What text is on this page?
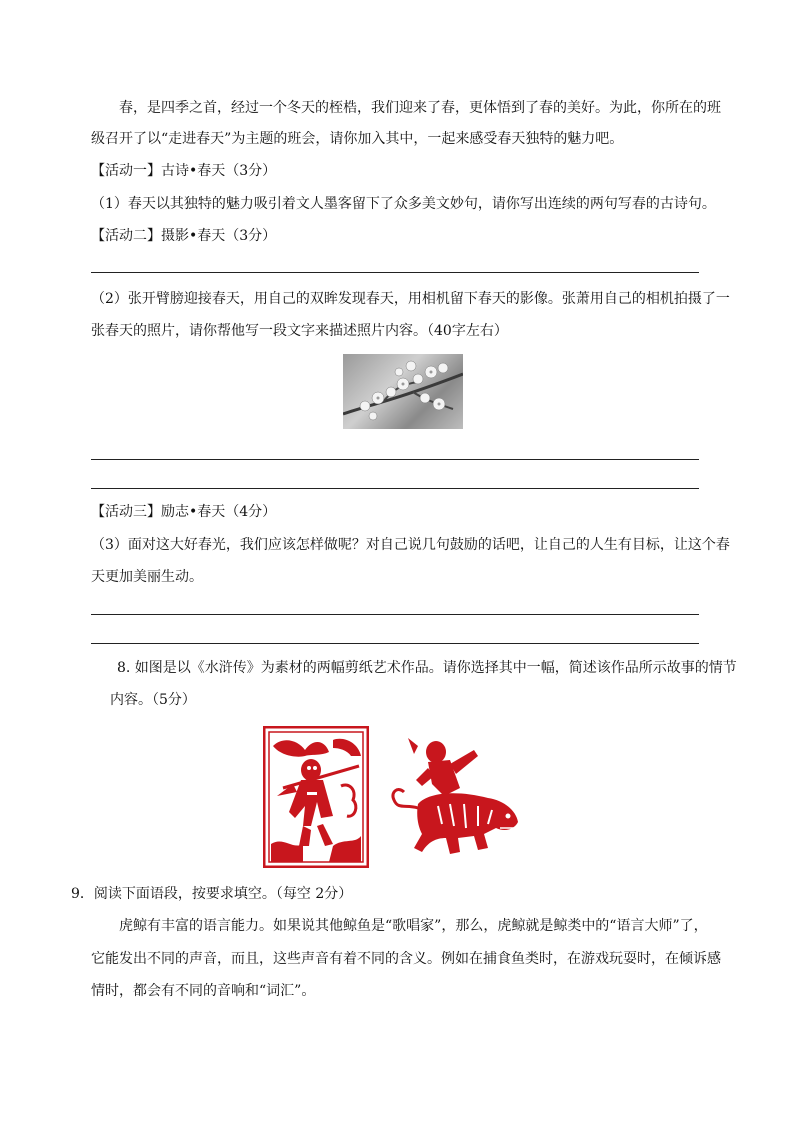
春，是四季之首，经过一个冬天的桎梏，我们迎来了春，更体悟到了春的美好。为此，你所在的班
级召开了以“走进春天”为主题的班会，请你加入其中，一起来感受春天独特的魅力吧。
【活动一】古诗•春天（3分）
（1）春天以其独特的魅力吸引着文人墨客留下了众多美文妙句，请你写出连续的两句写春的古诗句。
【活动二】摄影•春天（3分）
（2）张开臂膀迎接春天，用自己的双眸发现春天，用相机留下春天的影像。张萧用自己的相机拍摄了一
张春天的照片，请你帮他写一段文字来描述照片内容。（40字左右）
【活动三】励志•春天（4分）
（3）面对这大好春光，我们应该怎样做呢？对自己说几句鼓励的话吧，让自己的人生有目标，让这个春
天更加美丽生动。
8. 如图是以《水浒传》为素材的两幅剪纸艺术作品。请你选择其中一幅，简述该作品所示故事的情节
内容。（5分）
9．阅读下面语段，按要求填空。（每空 2分）
虎鲸有丰富的语言能力。如果说其他鲸鱼是“歌唱家”，那么，虎鲸就是鲸类中的“语言大师”了，
它能发出不同的声音，而且，这些声音有着不同的含义。例如在捕食鱼类时，在游戏玩耍时，在倾诉感
情时，都会有不同的音响和“词汇”。
